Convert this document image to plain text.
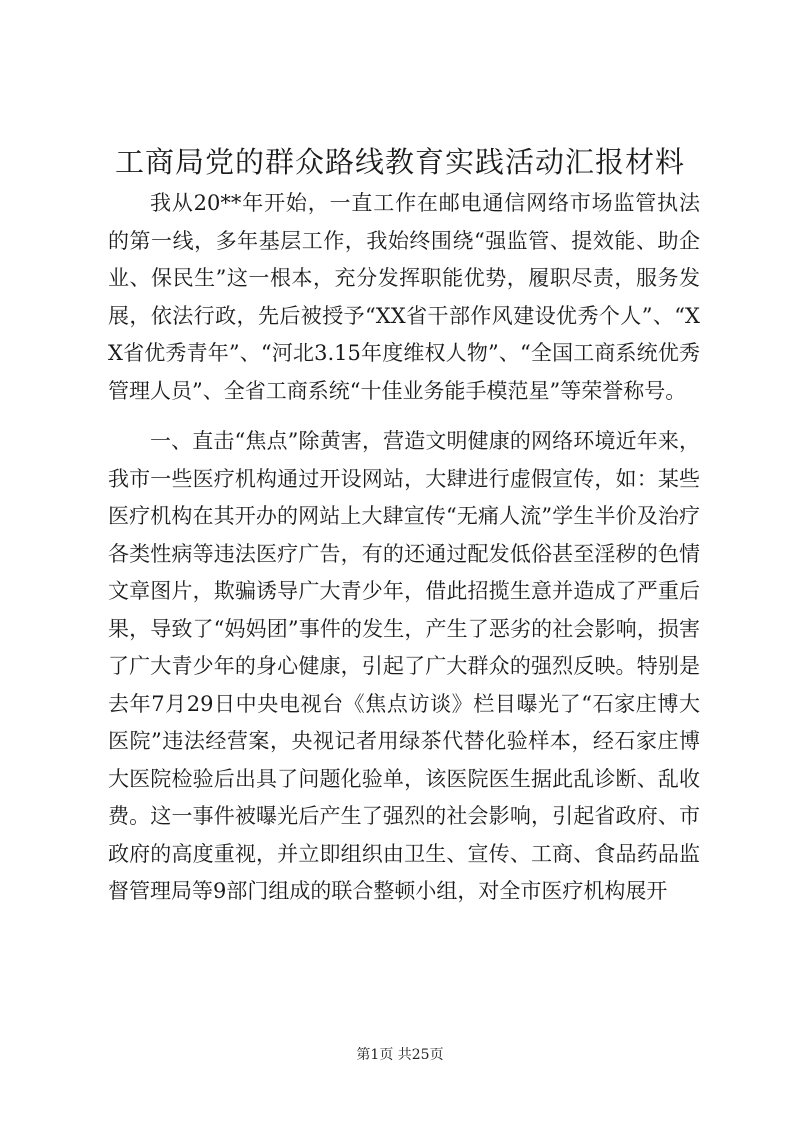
工商局党的群众路线教育实践活动汇报材料

我从20**年开始，一直工作在邮电通信网络市场监管执法的第一线，多年基层工作，我始终围绕“强监管、提效能、助企业、保民生”这一根本，充分发挥职能优势，履职尽责，服务发展，依法行政，先后被授予“XX省干部作风建设优秀个人”、“XX省优秀青年”、“河北3.15年度维权人物”、“全国工商系统优秀管理人员”、全省工商系统“十佳业务能手模范星”等荣誉称号。

一、直击“焦点”除黄害，营造文明健康的网络环境近年来，我市一些医疗机构通过开设网站，大肆进行虚假宣传，如：某些医疗机构在其开办的网站上大肆宣传“无痛人流”学生半价及治疗各类性病等违法医疗广告，有的还通过配发低俗甚至淫秽的色情文章图片，欺骗诱导广大青少年，借此招揽生意并造成了严重后果，导致了“妈妈团”事件的发生，产生了恶劣的社会影响，损害了广大青少年的身心健康，引起了广大群众的强烈反映。特别是去年7月29日中央电视台《焦点访谈》栏目曝光了“石家庄博大医院”违法经营案，央视记者用绿茶代替化验样本，经石家庄博大医院检验后出具了问题化验单，该医院医生据此乱诊断、乱收费。这一事件被曝光后产生了强烈的社会影响，引起省政府、市政府的高度重视，并立即组织由卫生、宣传、工商、食品药品监督管理局等9部门组成的联合整顿小组，对全市医疗机构展开

第1页 共25页
